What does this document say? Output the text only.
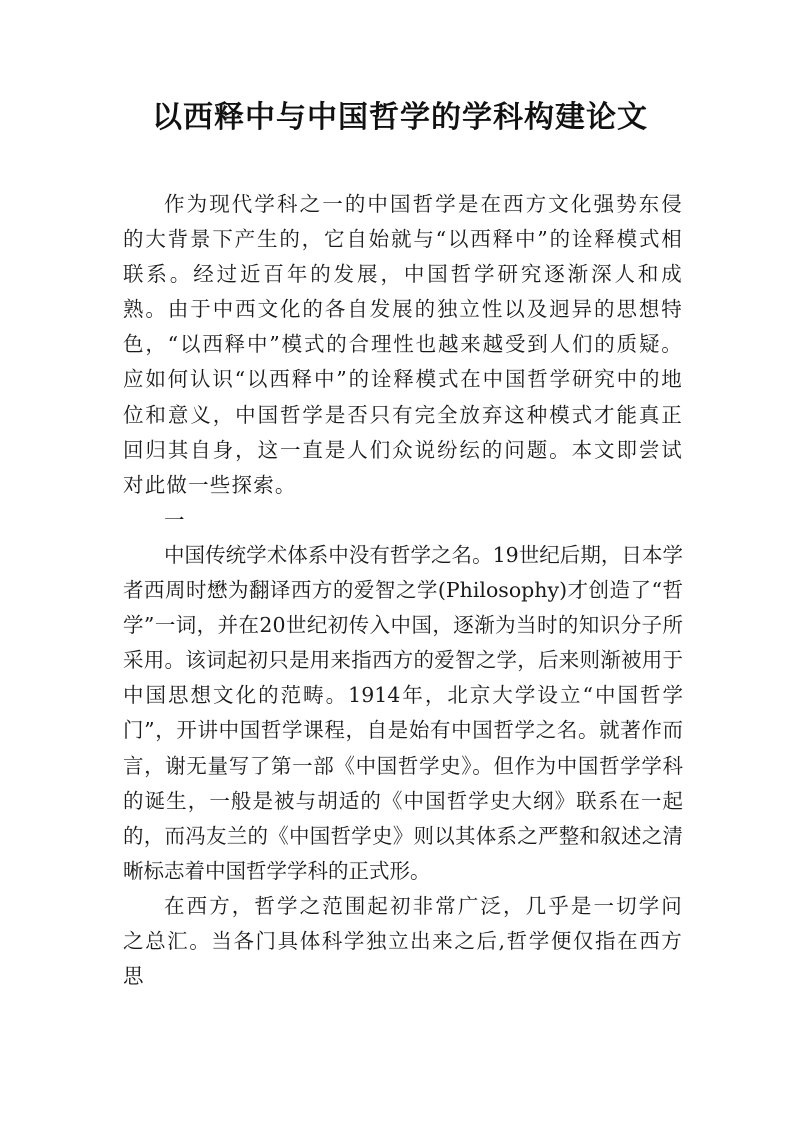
以西释中与中国哲学的学科构建论文

作为现代学科之一的中国哲学是在西方文化强势东侵的大背景下产生的，它自始就与“以西释中”的诠释模式相联系。经过近百年的发展，中国哲学研究逐渐深人和成熟。由于中西文化的各自发展的独立性以及迥异的思想特色，“以西释中”模式的合理性也越来越受到人们的质疑。应如何认识“以西释中”的诠释模式在中国哲学研究中的地位和意义，中国哲学是否只有完全放弃这种模式才能真正回归其自身，这一直是人们众说纷纭的问题。本文即尝试对此做一些探索。

一

中国传统学术体系中没有哲学之名。19世纪后期，日本学者西周时懋为翻译西方的爱智之学(Philosophy)才创造了“哲学”一词，并在20世纪初传入中国，逐渐为当时的知识分子所采用。该词起初只是用来指西方的爱智之学，后来则渐被用于中国思想文化的范畴。1914年，北京大学设立“中国哲学门”，开讲中国哲学课程，自是始有中国哲学之名。就著作而言，谢无量写了第一部《中国哲学史》。但作为中国哲学学科的诞生，一般是被与胡适的《中国哲学史大纲》联系在一起的，而冯友兰的《中国哲学史》则以其体系之严整和叙述之清晰标志着中国哲学学科的正式形。

在西方，哲学之范围起初非常广泛，几乎是一切学问之总汇。当各门具体科学独立出来之后,哲学便仅指在西方思
